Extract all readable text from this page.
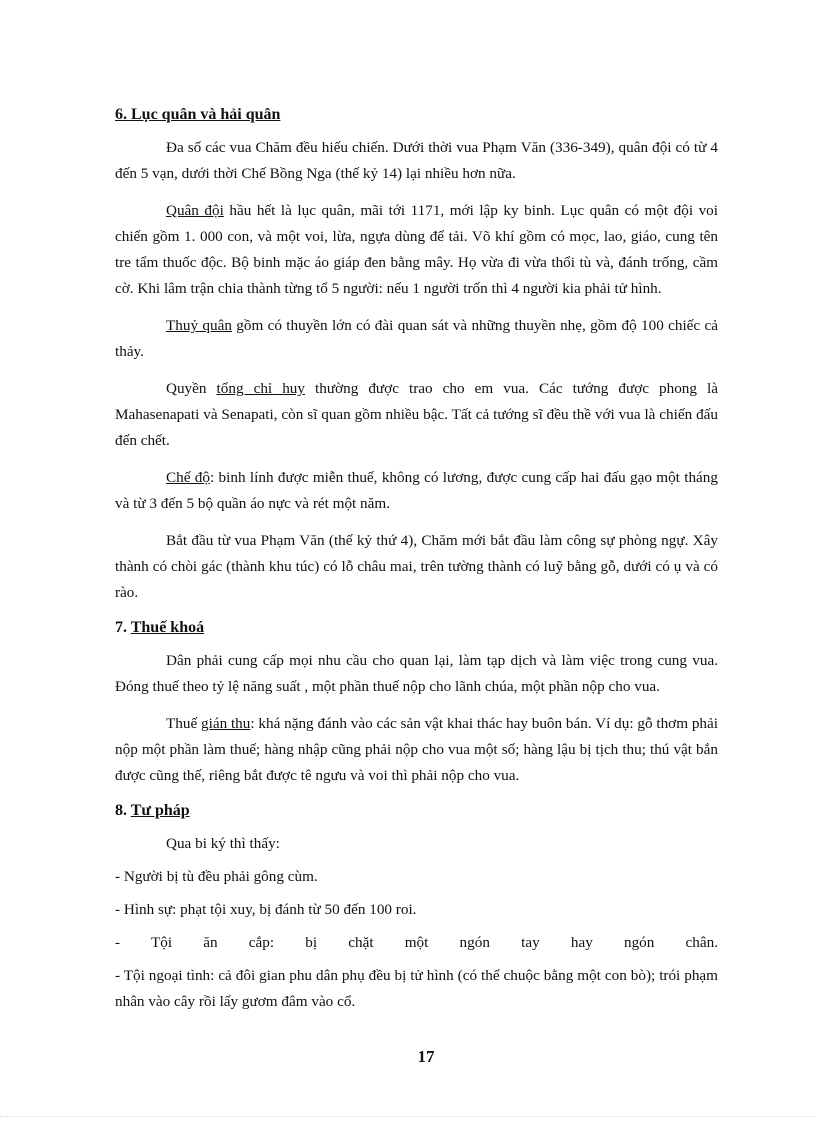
6. Lục quân và hải quân

Đa số các vua Chăm đều hiếu chiến. Dưới thời vua Phạm Văn (336-349), quân đội có từ 4 đến 5 vạn, dưới thời Chế Bồng Nga (thế kỷ 14) lại nhiều hơn nữa.

Quân đội hầu hết là lục quân, mãi tới 1171, mới lập ky binh. Lục quân có một đội voi chiến gồm 1. 000 con, và một voi, lừa, ngựa dùng để tải. Võ khí gồm có mọc, lao, giáo, cung tên tre tẩm thuốc độc. Bộ binh mặc áo giáp đen bằng mây. Họ vừa đi vừa thổi tù và, đánh trống, cầm cờ. Khi lâm trận chia thành từng tổ 5 người: nếu 1 người trốn thì 4 người kia phải tử hình.

Thuỷ quân gồm có thuyền lớn có đài quan sát và những thuyền nhẹ, gồm độ 100 chiếc cả thảy.

Quyền tổng chỉ huy thường được trao cho em vua. Các tướng được phong là Mahasenapati và Senapati, còn sĩ quan gồm nhiều bậc. Tất cả tướng sĩ đều thề với vua là chiến đấu đến chết.

Chế độ: binh lính được miễn thuế, không có lương, được cung cấp hai đấu gạo một tháng và từ 3 đến 5 bộ quần áo nực và rét một năm.

Bắt đầu từ vua Phạm Văn (thế kỷ thứ 4), Chăm mới bắt đầu làm công sự phòng ngự. Xây thành có chòi gác (thành khu túc) có lỗ châu mai, trên tường thành có luỹ bằng gỗ, dưới có ụ và có rào.

7. Thuế khoá

Dân phải cung cấp mọi nhu cầu cho quan lại, làm tạp dịch và làm việc trong cung vua. Đóng thuế theo tỷ lệ năng suất , một phần thuế nộp cho lãnh chúa, một phần nộp cho vua.

Thuế gián thu: khá nặng đánh vào các sản vật khai thác hay buôn bán. Ví dụ: gỗ thơm phải nộp một phần làm thuế; hàng nhập cũng phải nộp cho vua một số; hàng lậu bị tịch thu; thú vật bắn được cũng thế, riêng bắt được tê ngưu và voi thì phải nộp cho vua.

8. Tư pháp

Qua bi ký thì thấy:

- Người bị tù đều phải gông cùm.

- Hình sự: phạt tội xuy, bị đánh từ 50 đến 100 roi.

- Tội ăn cắp: bị chặt một ngón tay hay ngón chân.

- Tội ngoại tình: cả đôi gian phu dân phụ đều bị tử hình (có thể chuộc bằng một con bò); trói phạm nhân vào cây rồi lấy gươm đâm vào cổ.

17
